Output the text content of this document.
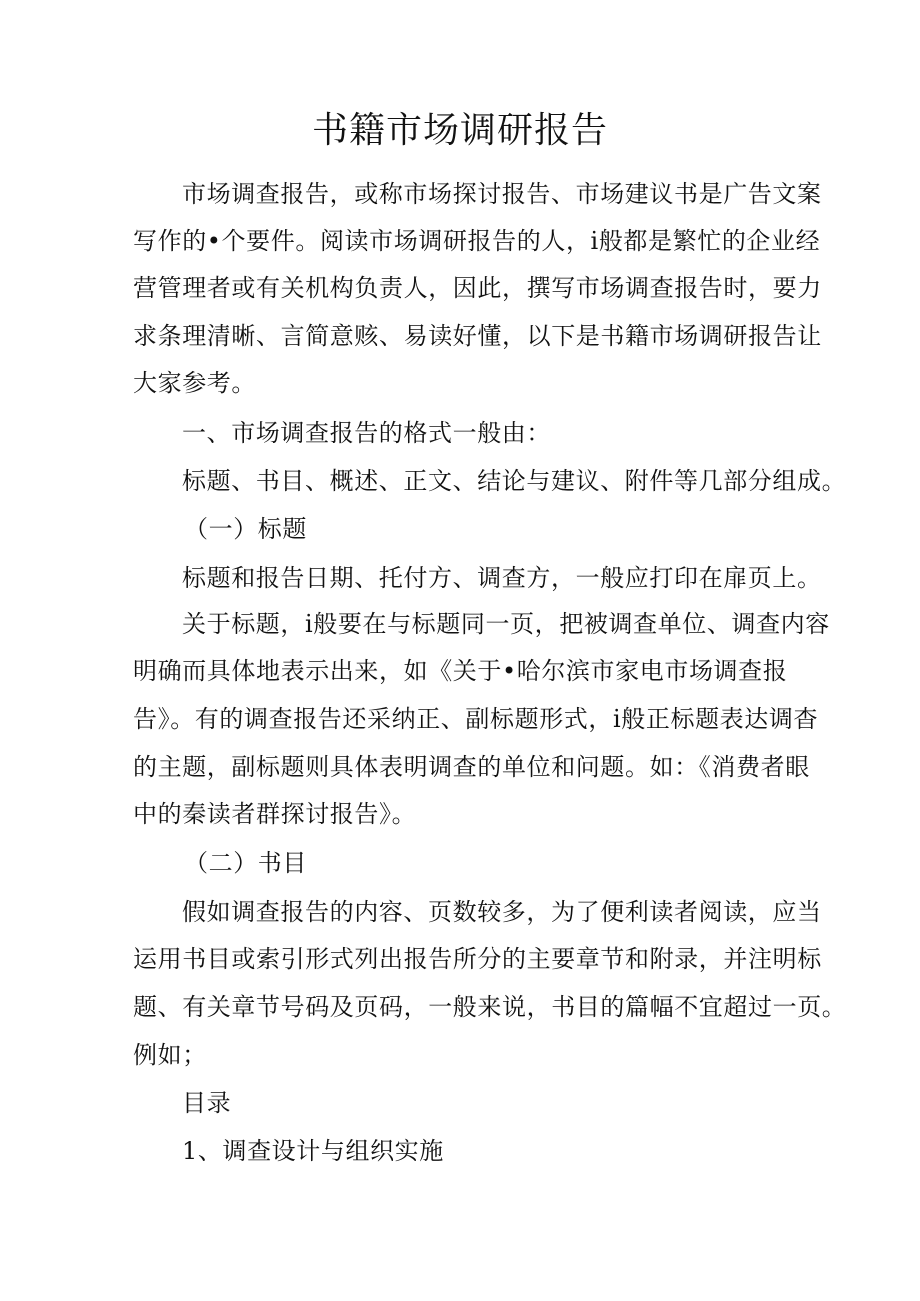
书籍市场调研报告
市场调查报告，或称市场探讨报告、市场建议书是广告文案
写作的•个要件。阅读市场调研报告的人，i般都是繁忙的企业经
营管理者或有关机构负责人，因此，撰写市场调查报告时，要力
求条理清晰、言简意赅、易读好懂，以下是书籍市场调研报告让
大家参考。
一、市场调查报告的格式一般由：
标题、书目、概述、正文、结论与建议、附件等几部分组成。
（一）标题
标题和报告日期、托付方、调查方，一般应打印在扉页上。
关于标题，i般要在与标题同一页，把被调查单位、调查内容
明确而具体地表示出来，如《关于•哈尔滨市家电市场调查报
告》。有的调查报告还采纳正、副标题形式，i般正标题表达调杳
的主题，副标题则具体表明调查的单位和问题。如：《消费者眼
中的秦读者群探讨报告》。
（二）书目
假如调查报告的内容、页数较多，为了便利读者阅读，应当
运用书目或索引形式列出报告所分的主要章节和附录，并注明标
题、有关章节号码及页码，一般来说，书目的篇幅不宜超过一页。
例如；
目录
1、调查设计与组织实施
